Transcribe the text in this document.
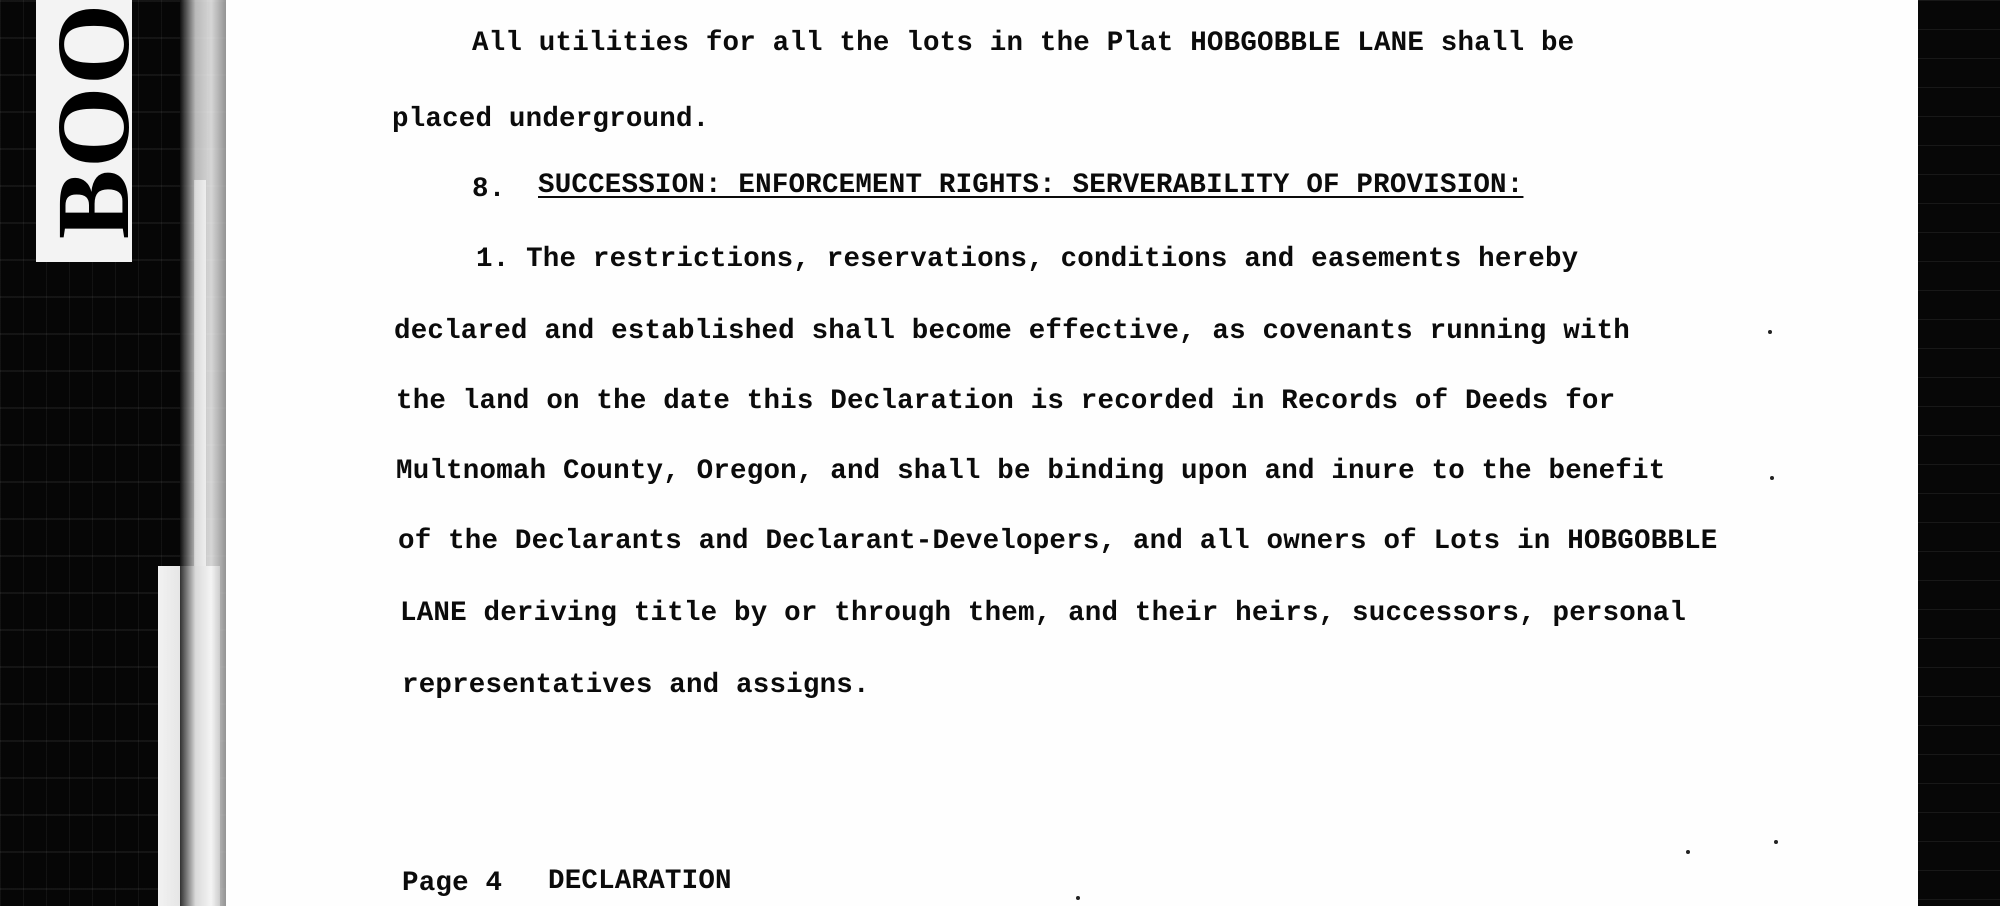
BOO	All utilities for all the lots in the Plat HOBGOBBLE LANE shall be
placed underground.
8. SUCCESSION: ENFORCEMENT RIGHTS: SERVERABILITY OF PROVISION:
1. The restrictions, reservations, conditions and easements hereby
declared and established shall become effective, as covenants running with
the land on the date this Declaration is recorded in Records of Deeds for
Multnomah County, Oregon, and shall be binding upon and inure to the benefit
of the Declarants and Declarant-Developers, and all owners of Lots in HOBGOBBLE
LANE deriving title by or through them, and their heirs, successors, personal
representatives and assigns.
Page 4 DECLARATION
